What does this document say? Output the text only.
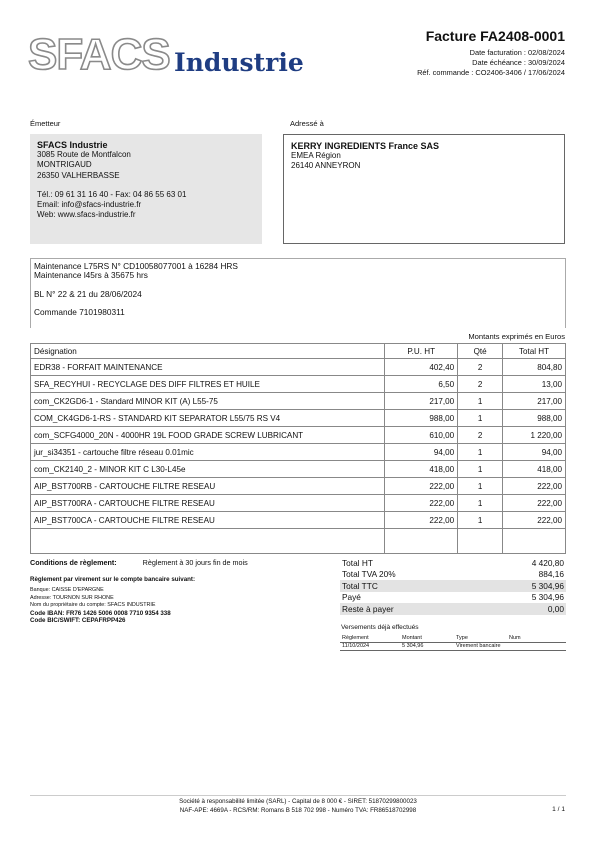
SFACS Industrie
Facture FA2408-0001
Date facturation : 02/08/2024
Date échéance : 30/09/2024
Réf. commande : CO2406-3406 / 17/06/2024
Émetteur	Adressé à
SFACS Industrie
3085 Route de Montfalcon
MONTRIGAUD
26350 VALHERBASSE
Tél.: 09 61 31 16 40 - Fax: 04 86 55 63 01
Email: info@sfacs-industrie.fr
Web: www.sfacs-industrie.fr
KERRY INGREDIENTS France SAS
EMEA Région
26140 ANNEYRON
Maintenance L75RS N° CD10058077001 à 16284 HRS
Maintenance l45rs à 35675 hrs
BL N° 22 & 21 du 28/06/2024
Commande 7101980311
Montants exprimés en Euros
Désignation	P.U. HT	Qté	Total HT
EDR38 - FORFAIT MAINTENANCE	402,40	2	804,80
SFA_RECYHUI - RECYCLAGE DES DIFF FILTRES ET HUILE	6,50	2	13,00
com_CK2GD6-1 - Standard MINOR KIT (A) L55-75	217,00	1	217,00
COM_CK4GD6-1-RS - STANDARD KIT SEPARATOR L55/75 RS V4	988,00	1	988,00
com_SCFG4000_20N - 4000HR 19L FOOD GRADE SCREW LUBRICANT	610,00	2	1 220,00
jur_si34351 - cartouche filtre réseau 0.01mic	94,00	1	94,00
com_CK2140_2 - MINOR KIT C L30-L45e	418,00	1	418,00
AIP_BST700RB - CARTOUCHE FILTRE RESEAU	222,00	1	222,00
AIP_BST700RA - CARTOUCHE FILTRE RESEAU	222,00	1	222,00
AIP_BST700CA - CARTOUCHE FILTRE RESEAU	222,00	1	222,00

Conditions de règlement:	Règlement à 30 jours fin de mois
Règlement par virement sur le compte bancaire suivant:
Banque: CAISSE D'EPARGNE
Adresse: TOURNON SUR RHONE
Nom du propriétaire du compte: SFACS INDUSTRIE
Code IBAN: FR76 1426 5006 0008 7710 9354 338
Code BIC/SWIFT: CEPAFRPP426
Total HT	4 420,80
Total TVA 20%	884,16
Total TTC	5 304,96
Payé	5 304,96
Reste à payer	0,00
Versements déjà effectués
Règlement	Montant	Type	Num
11/10/2024	5 304,96	Virement bancaire	
Société à responsabilité limitée (SARL) - Capital de 8 000 € - SIRET: 51870299800023
NAF-APE: 4669A - RCS/RM: Romans B 518 702 998 - Numéro TVA: FR86518702998	1 / 1
